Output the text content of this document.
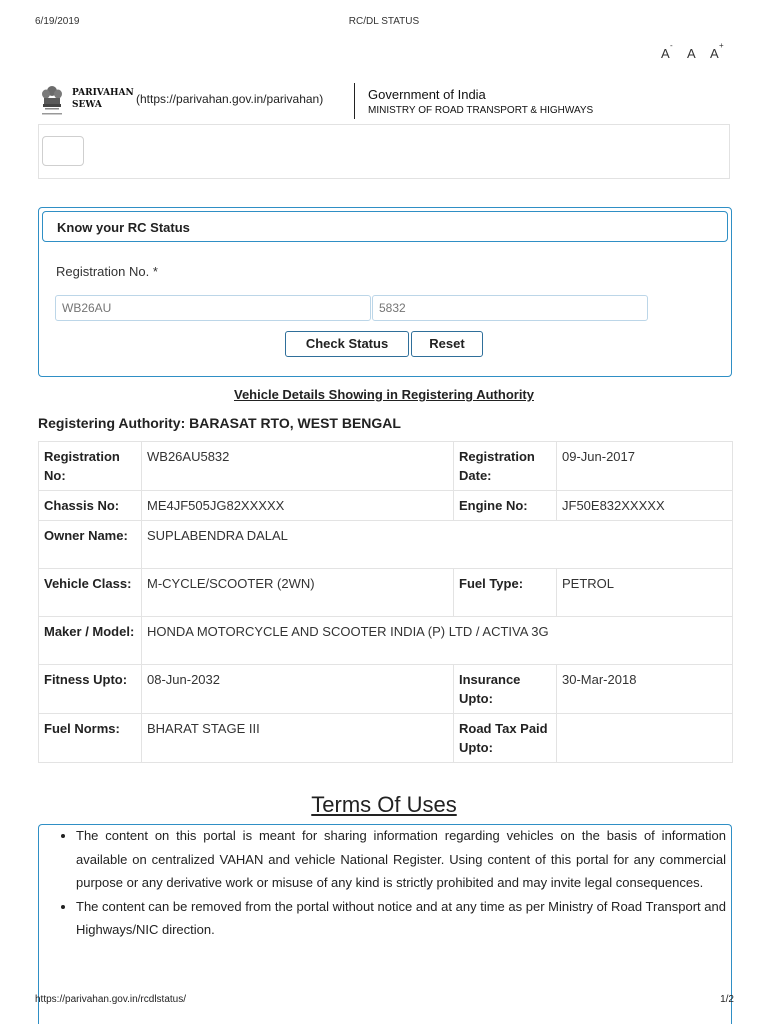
6/19/2019	RC/DL STATUS
A
-
A A
+
PARIVAHAN
SEWA	(https://parivahan.gov.in/parivahan)	Government of India
MINISTRY OF ROAD TRANSPORT & HIGHWAYS
Know your RC Status
Registration No. *
WB26AU
5832
Check Status	Reset
Vehicle Details Showing in Registering Authority
Registering Authority: BARASAT RTO, WEST BENGAL
Registration No:	WB26AU5832	Registration Date:	09-Jun-2017
Chassis No:	ME4JF505JG82XXXXX	Engine No:	JF50E832XXXXX
Owner Name:	SUPLABENDRA DALAL		
Vehicle Class:	M-CYCLE/SCOOTER (2WN)	Fuel Type:	PETROL
Maker / Model:	HONDA MOTORCYCLE AND SCOOTER INDIA (P) LTD / ACTIVA 3G		
Fitness Upto:	08-Jun-2032	Insurance Upto:	30-Mar-2018
Fuel Norms:	BHARAT STAGE III	Road Tax Paid Upto:	
Terms Of Uses
• The content on this portal is meant for sharing information regarding vehicles on the basis of information available on centralized VAHAN and vehicle National Register. Using content of this portal for any commercial purpose or any derivative work or misuse of any kind is strictly prohibited and may invite legal consequences.
• The content can be removed from the portal without notice and at any time as per Ministry of Road Transport and Highways/NIC direction.
https://parivahan.gov.in/rcdlstatus/	1/2
